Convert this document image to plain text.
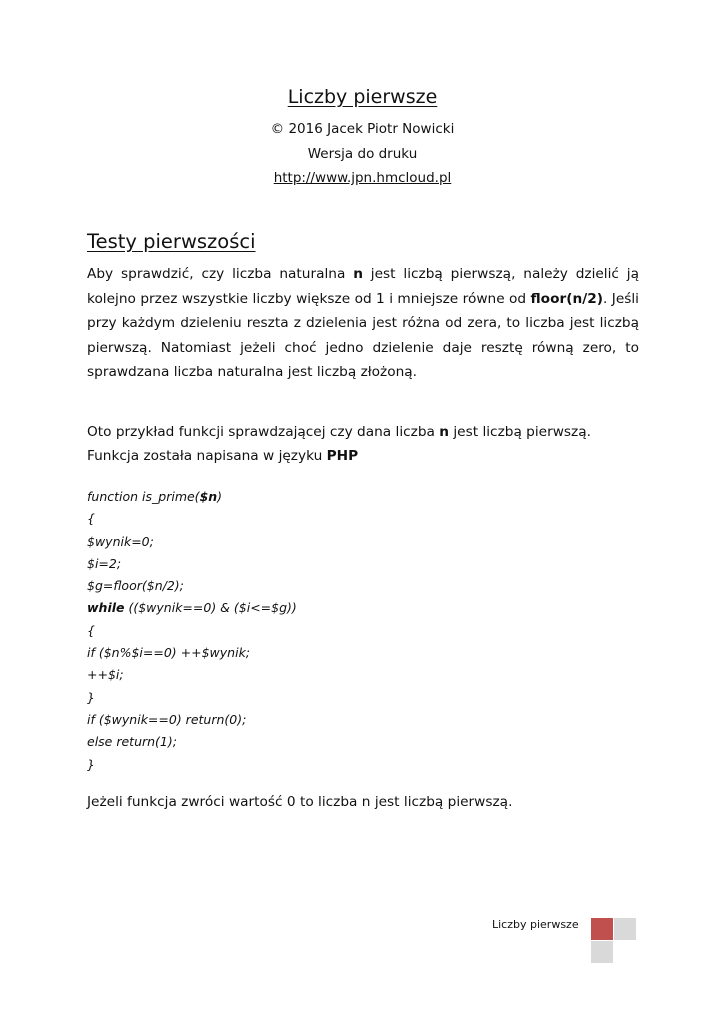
Liczby pierwsze
© 2016 Jacek Piotr Nowicki
Wersja do druku
http://www.jpn.hmcloud.pl
Testy pierwszości

Aby sprawdzić, czy liczba naturalna n jest liczbą pierwszą, należy dzielić ją kolejno przez wszystkie liczby większe od 1 i mniejsze równe od floor(n/2). Jeśli przy każdym dzieleniu reszta z dzielenia jest różna od zera, to liczba jest liczbą pierwszą. Natomiast jeżeli choć jedno dzielenie daje resztę równą zero, to sprawdzana liczba naturalna jest liczbą złożoną.

Oto przykład funkcji sprawdzającej czy dana liczba n jest liczbą pierwszą.
Funkcja została napisana w języku PHP
function is_prime($n)
{
$wynik=0;
$i=2;
$g=floor($n/2);
while (($wynik==0) & ($i<=$g))
{
if ($n%$i==0) ++$wynik;
++$i;
}
if ($wynik==0) return(0);
else return(1);
}

Jeżeli funkcja zwróci wartość 0 to liczba n jest liczbą pierwszą.

Liczby pierwsze
